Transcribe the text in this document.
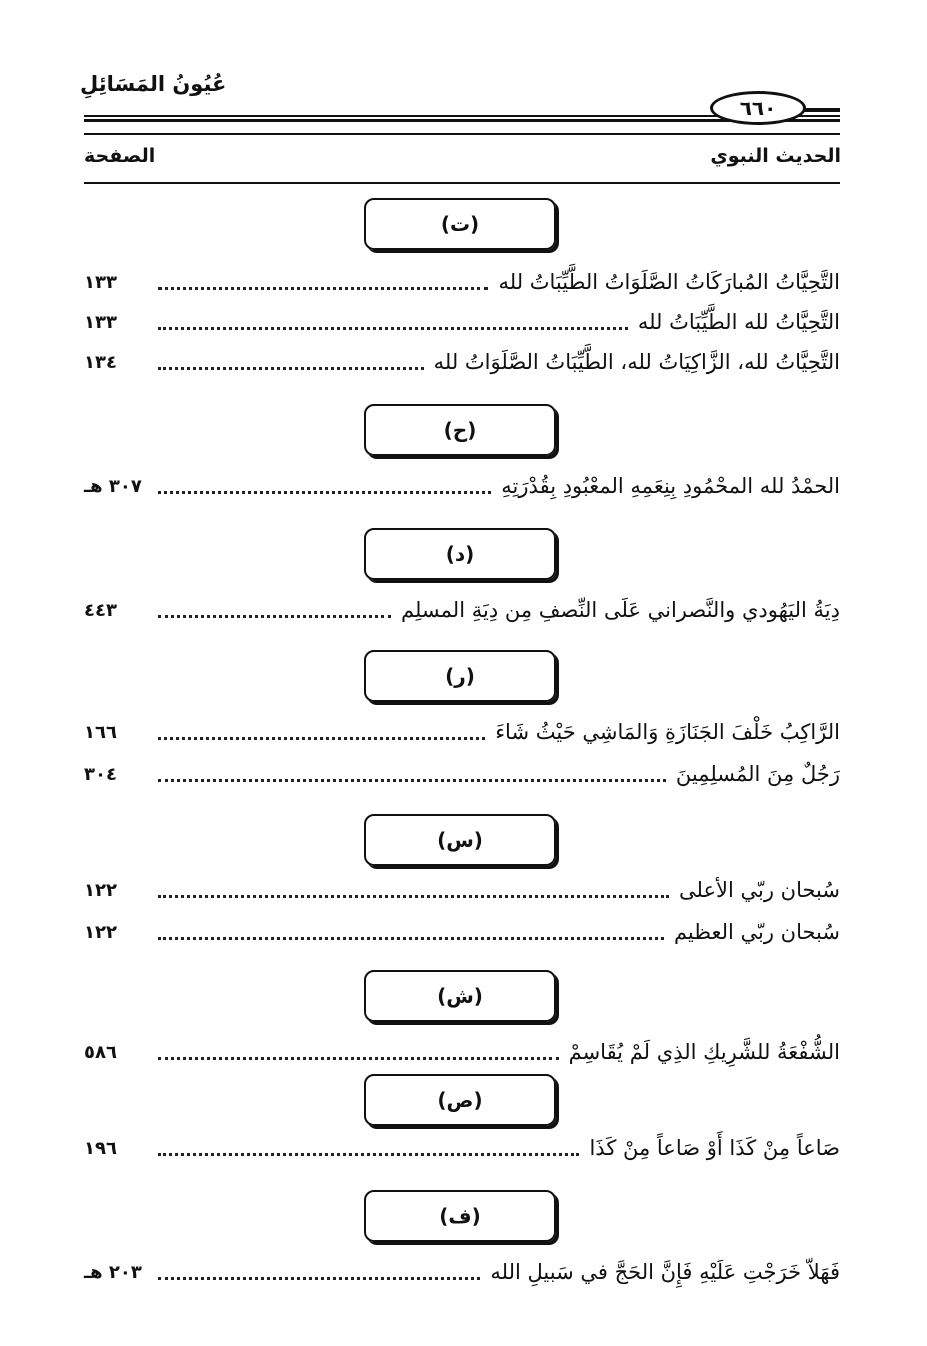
عُيُونُ المَسَائِلِ
٦٦٠
الحديث النبوي
الصفحة
(ت)
التَّحِيَّاتُ المُبارَكَاتُ الصَّلَوَاتُ الطَّيِّبَاتُ لله
١٣٣
التَّحِيَّاتُ لله الطَّيِّبَاتُ لله
١٣٣
التَّحِيَّاتُ لله، الزَّاكِيَاتُ لله، الطَّيِّبَاتُ الصَّلَوَاتُ لله
١٣٤
(ح)
الحمْدُ لله المحْمُودِ بِنِعَمِهِ المعْبُودِ بِقُدْرَتِهِ
٣٠٧ هـ
(د)
دِيَةُ اليَهُودي والنَّصراني عَلَى النِّصفِ مِن دِيَةِ المسلِم
٤٤٣
(ر)
الرَّاكِبُ خَلْفَ الجَنَازَةِ وَالمَاشِي حَيْثُ شَاءَ
١٦٦
رَجُلٌ مِنَ المُسلِمِينَ
٣٠٤
(س)
سُبحان ربّي الأعلى
١٢٢
سُبحان ربّي العظيم
١٢٢
(ش)
الشُّفْعَةُ للشَّرِيكِ الذِي لَمْ يُقَاسِمْ
٥٨٦
(ص)
صَاعاً مِنْ كَذَا أَوْ صَاعاً مِنْ كَذَا
١٩٦
(ف)
فَهَلاّ خَرَجْتِ عَلَيْهِ فَإِنَّ الحَجَّ في سَبيلِ الله
٢٠٣ هـ
